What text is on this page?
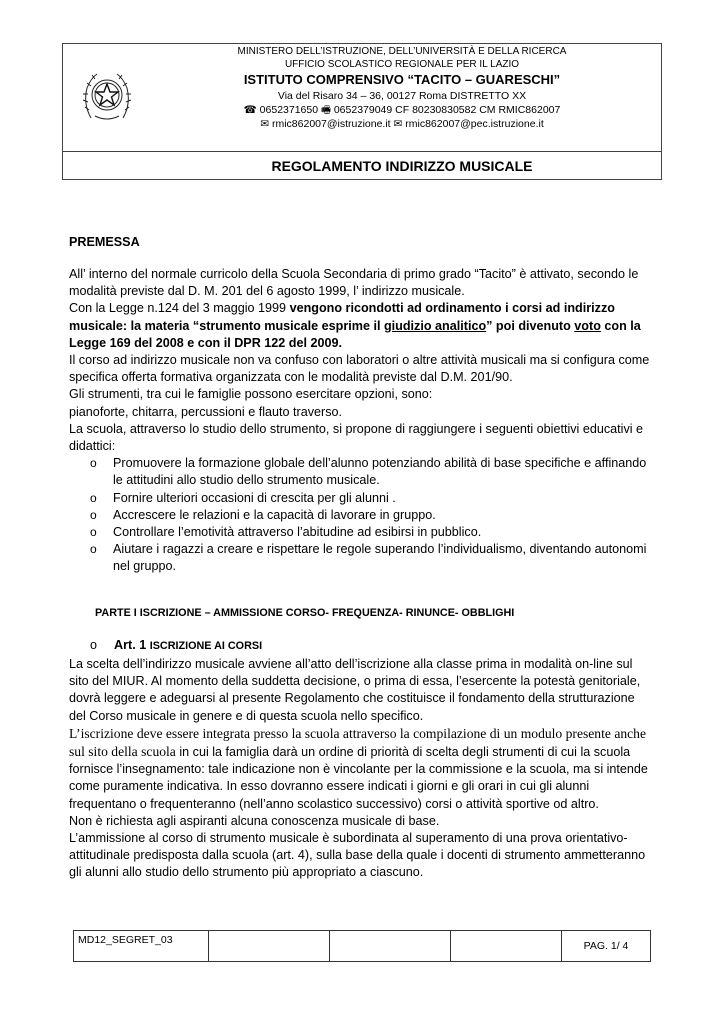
MINISTERO DELL’ISTRUZIONE, DELL’UNIVERSITÀ E DELLA RICERCA
UFFICIO SCOLASTICO REGIONALE PER IL LAZIO
ISTITUTO COMPRENSIVO “TACITO – GUARESCHI”
Via del Risaro 34 – 36, 00127 Roma DISTRETTO XX
☎ 0652371650 🖷 0652379049 CF 80230830582 CM RMIC862007
✉ rmic862007@istruzione.it ✉ rmic862007@pec.istruzione.it
REGOLAMENTO INDIRIZZO MUSICALE
PREMESSA

All’ interno del normale curricolo della Scuola Secondaria di primo grado “Tacito” è attivato, secondo le modalità previste dal D. M. 201 del 6 agosto 1999, l’ indirizzo musicale.

Con la Legge n.124 del 3 maggio 1999 vengono ricondotti ad ordinamento i corsi ad indirizzo musicale: la materia “strumento musicale esprime il giudizio analitico” poi divenuto voto con la Legge 169 del 2008 e con il DPR 122 del 2009.

Il corso ad indirizzo musicale non va confuso con laboratori o altre attività musicali ma si configura come specifica offerta formativa organizzata con le modalità previste dal D.M. 201/90.

Gli strumenti, tra cui le famiglie possono esercitare opzioni, sono:

pianoforte, chitarra, percussioni e flauto traverso.

La scuola, attraverso lo studio dello strumento, si propone di raggiungere i seguenti obiettivi educativi e didattici:

o Promuovere la formazione globale dell’alunno potenziando abilità di base specifiche e affinando le attitudini allo studio dello strumento musicale.
o Fornire ulteriori occasioni di crescita per gli alunni .
o Accrescere le relazioni e la capacità di lavorare in gruppo.
o Controllare l’emotività attraverso l’abitudine ad esibirsi in pubblico.
o Aiutare i ragazzi a creare e rispettare le regole superando l’individualismo, diventando autonomi nel gruppo.
PARTE I ISCRIZIONE – AMMISSIONE CORSO- FREQUENZA- RINUNCE- OBBLIGHI
o Art. 1 ISCRIZIONE AI CORSI

La scelta dell’indirizzo musicale avviene all’atto dell’iscrizione alla classe prima in modalità on-line sul sito del MIUR. Al momento della suddetta decisione, o prima di essa, l’esercente la potestà genitoriale, dovrà leggere e adeguarsi al presente Regolamento che costituisce il fondamento della strutturazione del Corso musicale in genere e di questa scuola nello specifico.

L’iscrizione deve essere integrata presso la scuola attraverso la compilazione di un modulo presente anche sul sito della scuola in cui la famiglia darà un ordine di priorità di scelta degli strumenti di cui la scuola fornisce l’insegnamento: tale indicazione non è vincolante per la commissione e la scuola, ma si intende come puramente indicativa. In esso dovranno essere indicati i giorni e gli orari in cui gli alunni frequentano o frequenteranno (nell’anno scolastico successivo) corsi o attività sportive od altro.

Non è richiesta agli aspiranti alcuna conoscenza musicale di base.

L’ammissione al corso di strumento musicale è subordinata al superamento di una prova orientativo-attitudinale predisposta dalla scuola (art. 4), sulla base della quale i docenti di strumento ammetteranno gli alunni allo studio dello strumento più appropriato a ciascuno.

MD12_SEGRET_03				PAG. 1/ 4
